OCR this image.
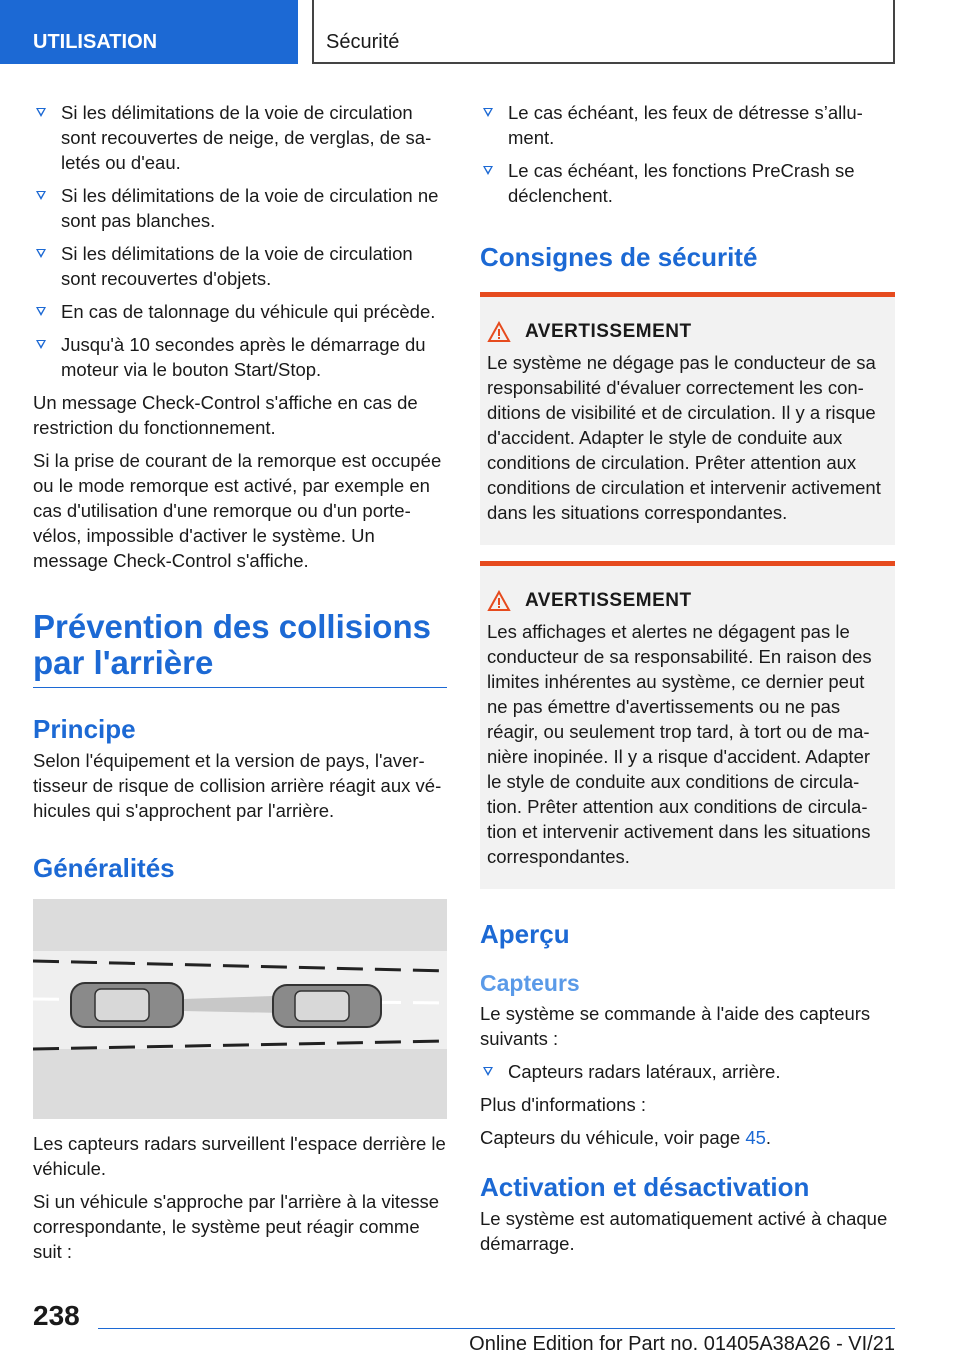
UTILISATION	Sécurité
Si les délimitations de la voie de circulation sont recouvertes de neige, de verglas, de saletés ou d'eau.
Si les délimitations de la voie de circulation ne sont pas blanches.
Si les délimitations de la voie de circulation sont recouvertes d'objets.
En cas de talonnage du véhicule qui précède.
Jusqu'à 10 secondes après le démarrage du moteur via le bouton Start/Stop.

Un message Check-Control s'affiche en cas de restriction du fonctionnement.

Si la prise de courant de la remorque est occupée ou le mode remorque est activé, par exemple en cas d'utilisation d'une remorque ou d'un porte-vélos, impossible d'activer le système. Un message Check-Control s'affiche.

Prévention des collisions par l'arrière
Principe

Selon l'équipement et la version de pays, l'avertisseur de risque de collision arrière réagit aux véhicules qui s'approchent par l'arrière.

Généralités

Les capteurs radars surveillent l'espace derrière le véhicule.

Si un véhicule s'approche par l'arrière à la vitesse correspondante, le système peut réagir comme suit :

Le cas échéant, les feux de détresse s’allument.
Le cas échéant, les fonctions PreCrash se déclenchent.
Consignes de sécurité
AVERTISSEMENT
Le système ne dégage pas le conducteur de sa responsabilité d'évaluer correctement les conditions de visibilité et de circulation. Il y a risque d'accident. Adapter le style de conduite aux conditions de circulation. Prêter attention aux conditions de circulation et intervenir activement dans les situations correspondantes.
AVERTISSEMENT
Les affichages et alertes ne dégagent pas le conducteur de sa responsabilité. En raison des limites inhérentes au système, ce dernier peut ne pas émettre d'avertissements ou ne pas réagir, ou seulement trop tard, à tort ou de manière inopinée. Il y a risque d'accident. Adapter le style de conduite aux conditions de circulation. Prêter attention aux conditions de circulation et intervenir activement dans les situations correspondantes.
Aperçu
Capteurs

Le système se commande à l'aide des capteurs suivants :

Capteurs radars latéraux, arrière.

Plus d'informations :

Capteurs du véhicule, voir page 45.

Activation et désactivation

Le système est automatiquement activé à chaque démarrage.

238
Online Edition for Part no. 01405A38A26 - VI/21
